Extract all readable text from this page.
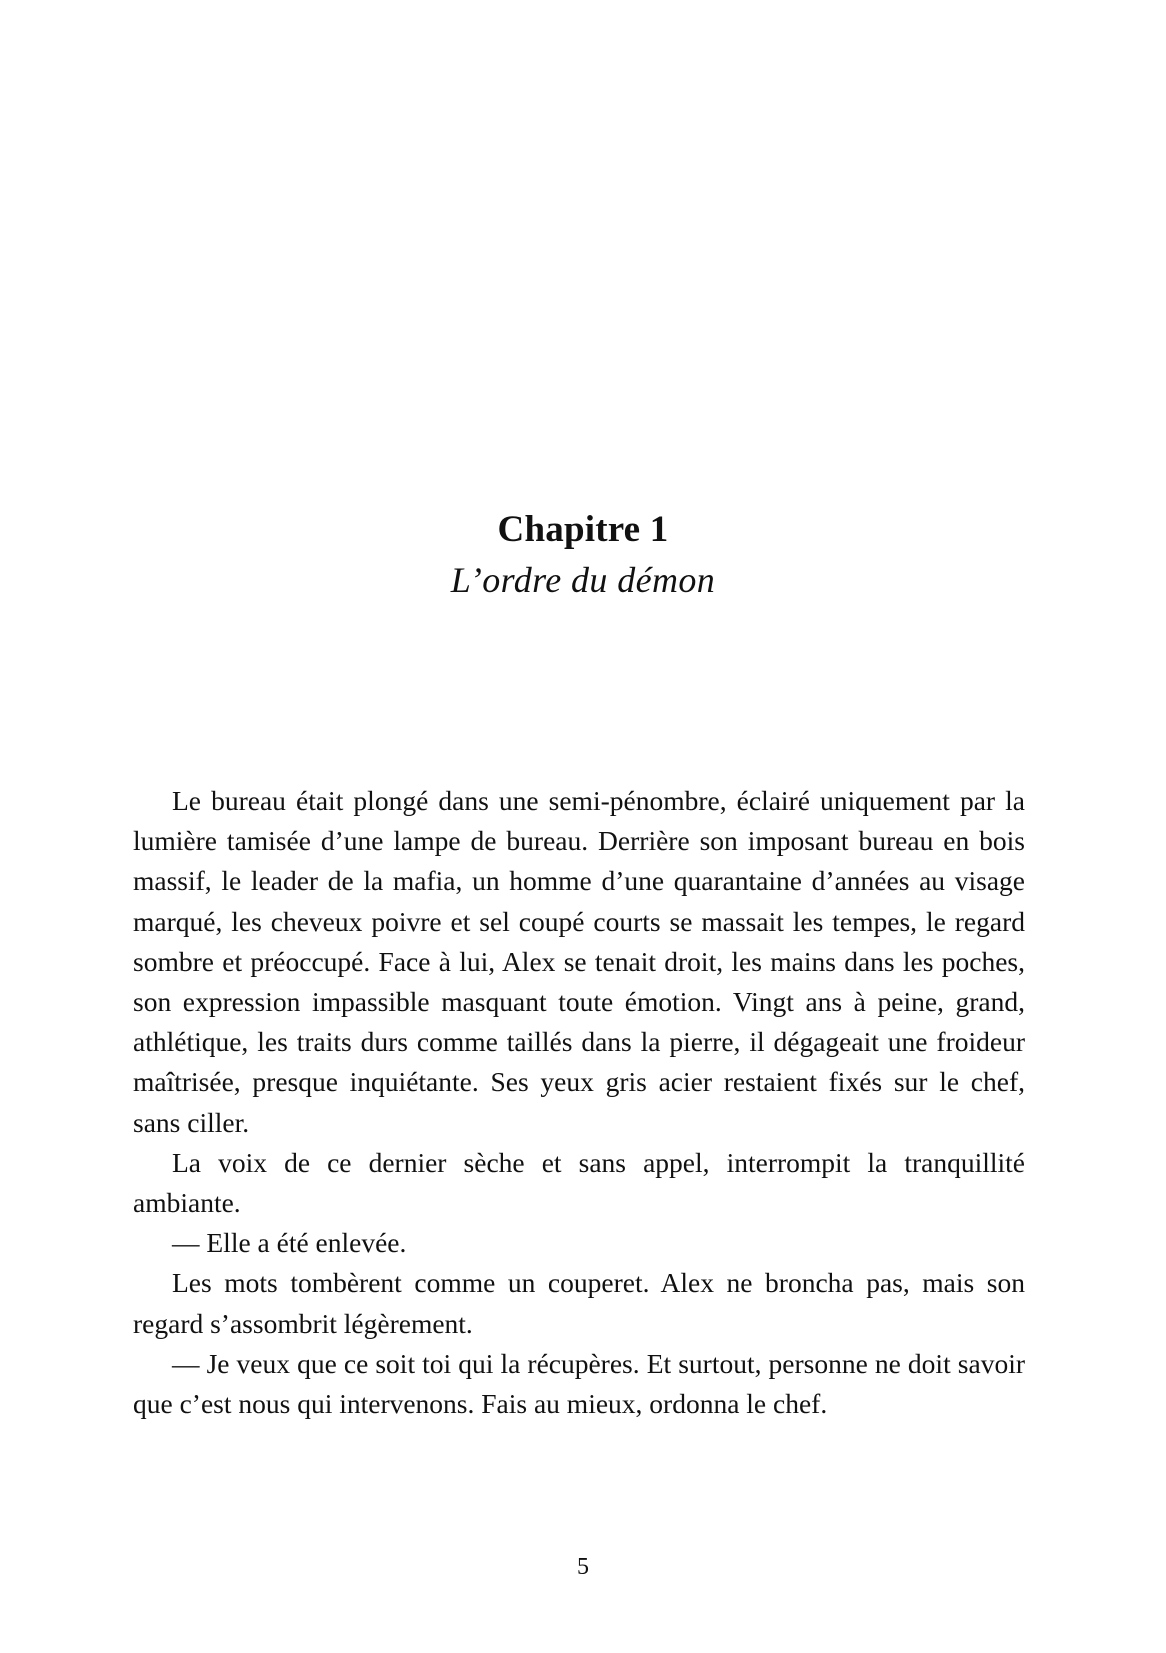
Chapitre 1
L’ordre du démon

Le bureau était plongé dans une semi-pénombre, éclairé uniquement par la lumière tamisée d’une lampe de bureau. Derrière son imposant bureau en bois massif, le leader de la mafia, un homme d’une quarantaine d’années au visage marqué, les cheveux poivre et sel coupé courts se massait les tempes, le regard sombre et préoccupé. Face à lui, Alex se tenait droit, les mains dans les poches, son expression impassible masquant toute émotion. Vingt ans à peine, grand, athlétique, les traits durs comme taillés dans la pierre, il dégageait une froideur maîtrisée, presque inquiétante. Ses yeux gris acier restaient fixés sur le chef, sans ciller.

La voix de ce dernier sèche et sans appel, interrompit la tranquillité ambiante.

— Elle a été enlevée.

Les mots tombèrent comme un couperet. Alex ne broncha pas, mais son regard s’assombrit légèrement.

— Je veux que ce soit toi qui la récupères. Et surtout, personne ne doit savoir que c’est nous qui intervenons. Fais au mieux, ordonna le chef.

5
